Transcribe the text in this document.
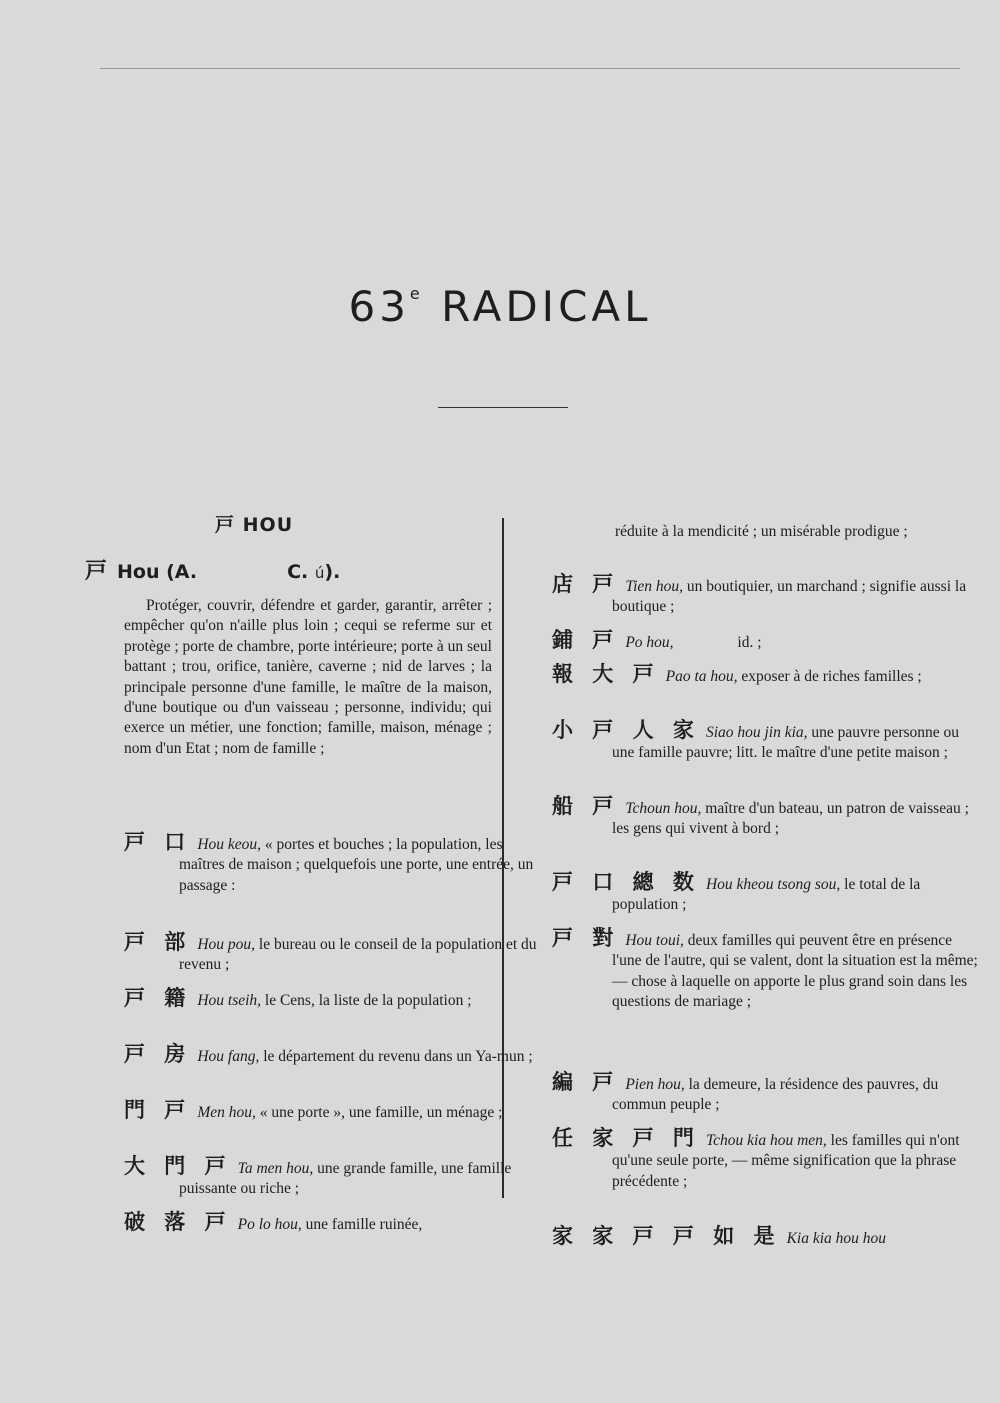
63e RADICAL
戸 HOU
戸 Hou (A.	C. ú).
Protéger, couvrir, défendre et garder, garantir, arrêter ; empêcher qu'on n'aille plus loin ; cequi se referme sur et protège ; porte de chambre, porte intérieure; porte à un seul battant ; trou, orifice, tanière, caverne ; nid de larves ; la principale personne d'une famille, le maître de la maison, d'une boutique ou d'un vaisseau ; personne, individu; qui exerce un métier, une fonction; famille, maison, ménage ; nom d'un Etat ; nom de famille ;
戸 口 Hou keou, « portes et bouches ; la population, les maîtres de maison ; quelquefois une porte, une entrée, un passage :
戸 部 Hou pou, le bureau ou le conseil de la population et du revenu ;
戸 籍 Hou tseih, le Cens, la liste de la population ;
戸 房 Hou fang, le département du revenu dans un Ya-mun ;
門 戸 Men hou, « une porte », une famille, un ménage ;
大 門 戸 Ta men hou, une grande famille, une famille puissante ou riche ;
破 落 戸 Po lo hou, une famille ruinée,
réduite à la mendicité ; un misérable prodigue ;
店 戸 Tien hou, un boutiquier, un marchand ; signifie aussi la boutique ;
鋪 戸 Po hou,	id. ;
報 大 戸 Pao ta hou, exposer à de riches familles ;
小 戸 人 家 Siao hou jin kia, une pauvre personne ou une famille pauvre; litt. le maître d'une petite maison ;
船 戸 Tchoun hou, maître d'un bateau, un patron de vaisseau ; les gens qui vivent à bord ;
戸 口 總 数 Hou kheou tsong sou, le total de la population ;
戸 對 Hou toui, deux familles qui peuvent être en présence l'une de l'autre, qui se valent, dont la situation est la même; — chose à laquelle on apporte le plus grand soin dans les questions de mariage ;
編 戸 Pien hou, la demeure, la résidence des pauvres, du commun peuple ;
任 家 戸 門 Tchou kia hou men, les familles qui n'ont qu'une seule porte, — même signification que la phrase précédente ;
家 家 戸 戸 如 是 Kia kia hou hou
